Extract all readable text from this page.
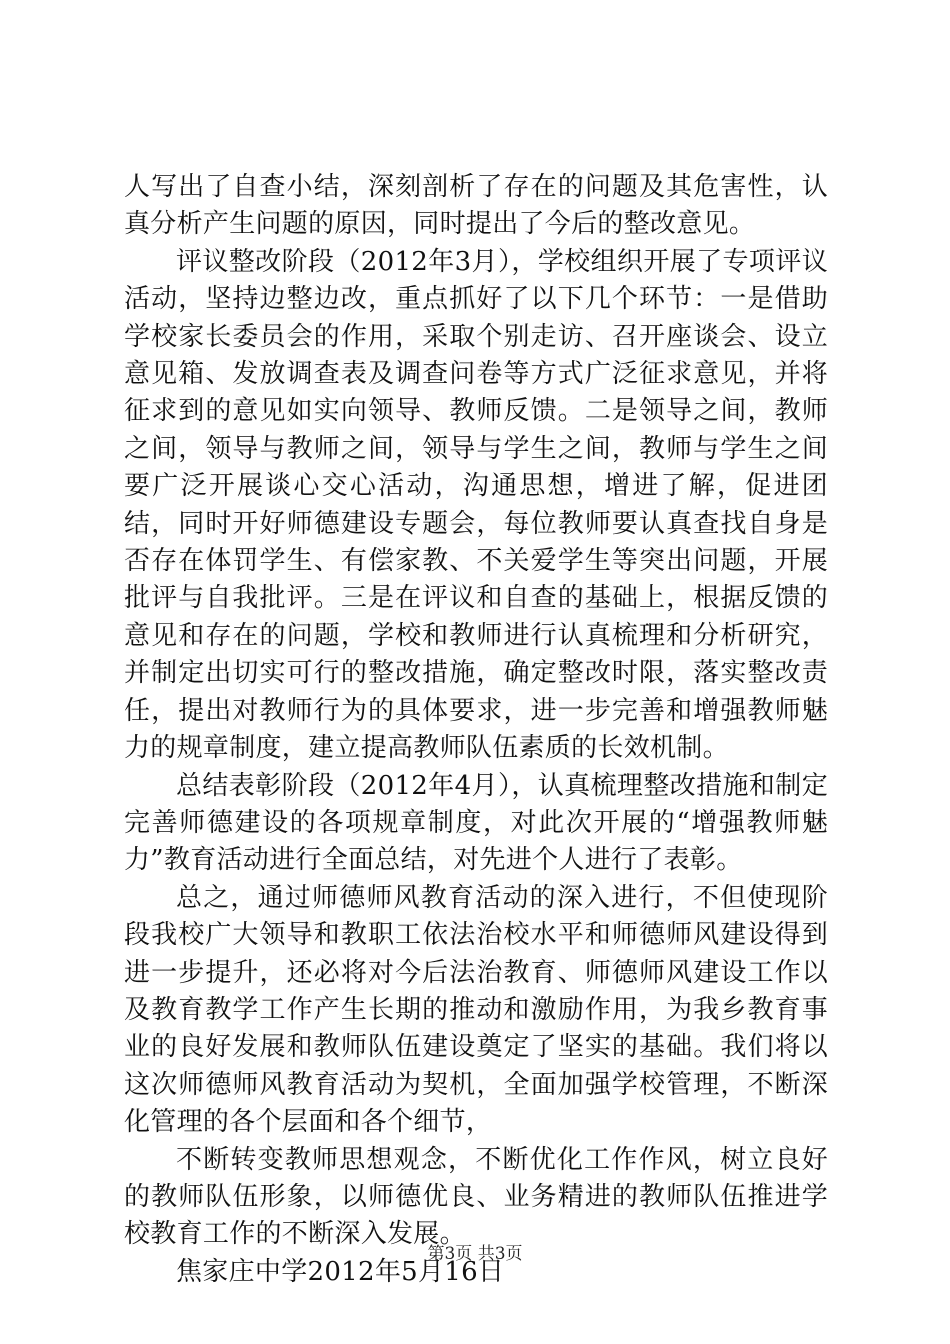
人写出了自查小结，深刻剖析了存在的问题及其危害性，认真分析产生问题的原因，同时提出了今后的整改意见。

评议整改阶段（2012年3月），学校组织开展了专项评议活动，坚持边整边改，重点抓好了以下几个环节：一是借助学校家长委员会的作用，采取个别走访、召开座谈会、设立意见箱、发放调查表及调查问卷等方式广泛征求意见，并将征求到的意见如实向领导、教师反馈。二是领导之间，教师之间，领导与教师之间，领导与学生之间，教师与学生之间要广泛开展谈心交心活动，沟通思想，增进了解，促进团结，同时开好师德建设专题会，每位教师要认真查找自身是否存在体罚学生、有偿家教、不关爱学生等突出问题，开展批评与自我批评。三是在评议和自查的基础上，根据反馈的意见和存在的问题，学校和教师进行认真梳理和分析研究，并制定出切实可行的整改措施，确定整改时限，落实整改责任，提出对教师行为的具体要求，进一步完善和增强教师魅力的规章制度，建立提高教师队伍素质的长效机制。

总结表彰阶段（2012年4月），认真梳理整改措施和制定完善师德建设的各项规章制度，对此次开展的“增强教师魅力”教育活动进行全面总结，对先进个人进行了表彰。

总之，通过师德师风教育活动的深入进行，不但使现阶段我校广大领导和教职工依法治校水平和师德师风建设得到进一步提升，还必将对今后法治教育、师德师风建设工作以及教育教学工作产生长期的推动和激励作用，为我乡教育事业的良好发展和教师队伍建设奠定了坚实的基础。我们将以这次师德师风教育活动为契机，全面加强学校管理，不断深化管理的各个层面和各个细节，

不断转变教师思想观念，不断优化工作作风，树立良好的教师队伍形象，以师德优良、业务精进的教师队伍推进学校教育工作的不断深入发展。

焦家庄中学2012年5月16日

第3页 共3页
